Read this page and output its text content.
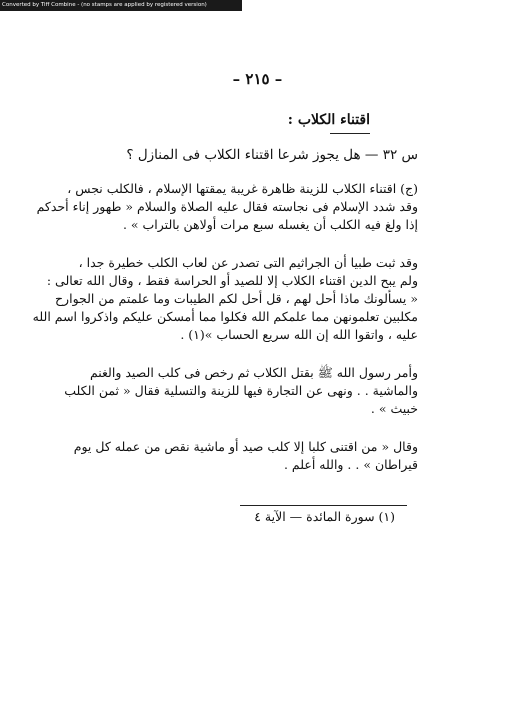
Converted by Tiff Combine - (no stamps are applied by registered version)
– ٢١٥ –
اقتناء الكلاب :
س ٣٢ — هل يجوز شرعا اقتناء الكلاب فى المنازل ؟
(ج) اقتناء الكلاب للزينة ظاهرة غريبة يمقتها الإسلام ، فالكلب نجس ،
وقد شدد الإسلام فى نجاسته فقال عليه الصلاة والسلام « طهور إناء أحدكم
إذا ولغ فيه الكلب أن يغسله سبع مرات أولاهن بالتراب » .
وقد ثبت طبيا أن الجراثيم التى تصدر عن لعاب الكلب خطيرة جدا ،
ولم يبح الدين اقتناء الكلاب إلا للصيد أو الحراسة فقط ، وقال الله تعالى :
« يسألونك ماذا أحل لهم ، قل أحل لكم الطيبات وما علمتم من الجوارح
مكلبين تعلمونهن مما علمكم الله فكلوا مما أمسكن عليكم واذكروا اسم الله
عليه ، واتقوا الله إن الله سريع الحساب »(١) .
وأمر رسول الله ﷺ بقتل الكلاب ثم رخص فى كلب الصيد والغنم
والماشية . . ونهى عن التجارة فيها للزينة والتسلية فقال « ثمن الكلب
خبيث » .
وقال « من اقتنى كلبا إلا كلب صيد أو ماشية نقص من عمله كل يوم
قيراطان » . . والله أعلم .
(١) سورة المائدة — الآية ٤
